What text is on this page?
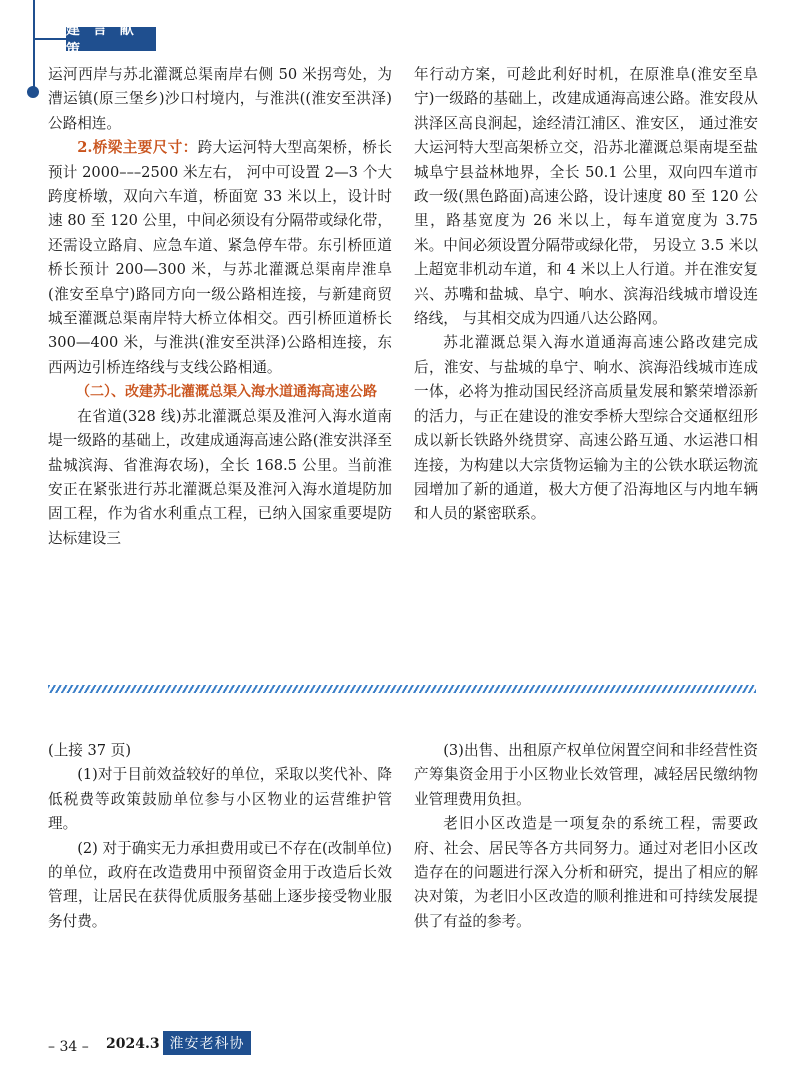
建 言 献 策

运河西岸与苏北灌溉总渠南岸右侧 50 米拐弯处，为漕运镇(原三堡乡)沙口村境内，与淮洪((淮安至洪泽)公路相连。

2.桥梁主要尺寸：跨大运河特大型高架桥，桥长预计 2000–––2500 米左右， 河中可设置 2—3 个大跨度桥墩，双向六车道，桥面宽 33 米以上，设计时速 80 至 120 公里，中间必须设有分隔带或绿化带，还需设立路肩、应急车道、紧急停车带。东引桥匝道桥长预计 200—300 米，与苏北灌溉总渠南岸淮阜(淮安至阜宁)路同方向一级公路相连接，与新建商贸城至灌溉总渠南岸特大桥立体相交。西引桥匝道桥长 300—400 米，与淮洪(淮安至洪泽)公路相连接，东西两边引桥连络线与支线公路相通。

（二）、改建苏北灌溉总渠入海水道通海高速公路

在省道(328 线)苏北灌溉总渠及淮河入海水道南堤一级路的基础上，改建成通海高速公路(淮安洪泽至盐城滨海、省淮海农场)，全长 168.5 公里。当前淮安正在紧张进行苏北灌溉总渠及淮河入海水道堤防加固工程，作为省水利重点工程，已纳入国家重要堤防达标建设三

年行动方案，可趁此利好时机，在原淮阜(淮安至阜宁)一级路的基础上，改建成通海高速公路。淮安段从洪泽区高良涧起，途经清江浦区、淮安区， 通过淮安大运河特大型高架桥立交，沿苏北灌溉总渠南堤至盐城阜宁县益林地界，全长 50.1 公里，双向四车道市政一级(黑色路面)高速公路，设计速度 80 至 120 公里，路基宽度为 26 米以上，每车道宽度为 3.75 米。中间必须设置分隔带或绿化带， 另设立 3.5 米以上超宽非机动车道，和 4 米以上人行道。并在淮安复兴、苏嘴和盐城、阜宁、响水、滨海沿线城市增设连络线， 与其相交成为四通八达公路网。

苏北灌溉总渠入海水道通海高速公路改建完成后，淮安、与盐城的阜宁、响水、滨海沿线城市连成一体，必将为推动国民经济高质量发展和繁荣增添新的活力，与正在建设的淮安季桥大型综合交通枢纽形成以新长铁路外绕贯穿、高速公路互通、水运港口相连接，为构建以大宗货物运输为主的公铁水联运物流园增加了新的通道，极大方便了沿海地区与内地车辆和人员的紧密联系。

(上接 37 页)

(1)对于目前效益较好的单位，采取以奖代补、降低税费等政策鼓励单位参与小区物业的运营维护管理。

(2) 对于确实无力承担费用或已不存在(改制单位)的单位，政府在改造费用中预留资金用于改造后长效管理，让居民在获得优质服务基础上逐步接受物业服务付费。

(3)出售、出租原产权单位闲置空间和非经营性资产筹集资金用于小区物业长效管理，减轻居民缴纳物业管理费用负担。

老旧小区改造是一项复杂的系统工程，需要政府、社会、居民等各方共同努力。通过对老旧小区改造存在的问题进行深入分析和研究，提出了相应的解决对策，为老旧小区改造的顺利推进和可持续发展提供了有益的参考。

– 34 – 2024.3 淮安老科协
